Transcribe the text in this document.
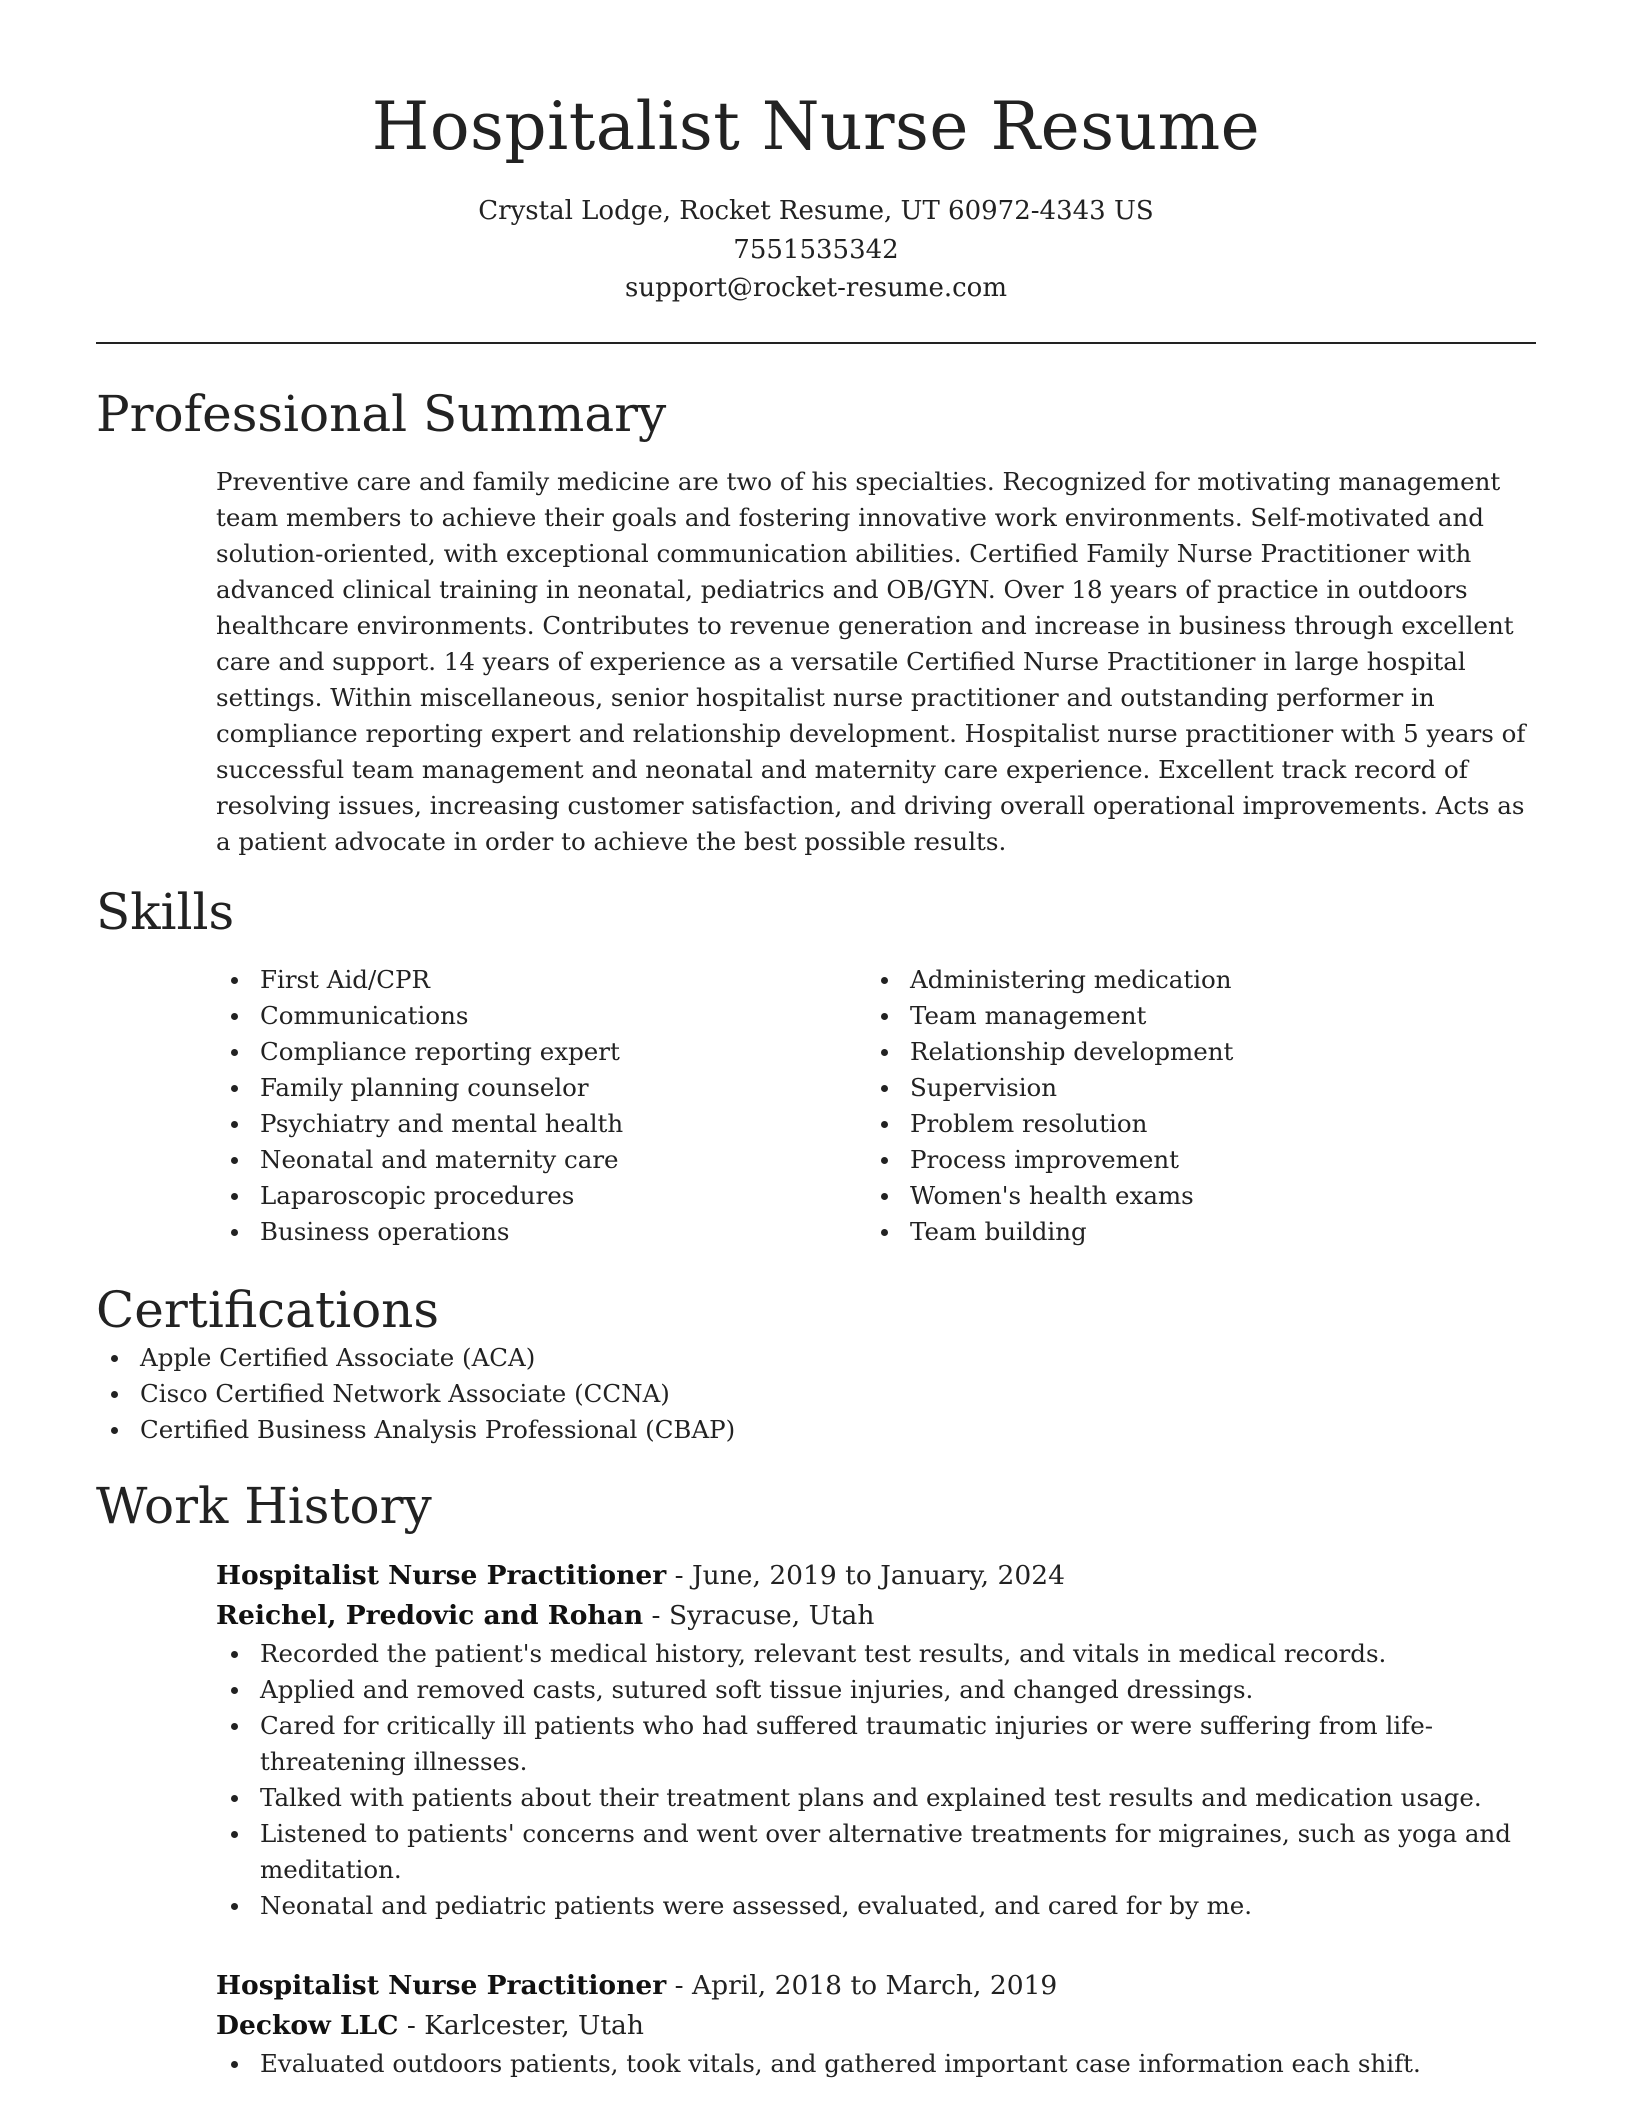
Hospitalist Nurse Resume
Crystal Lodge, Rocket Resume, UT 60972-4343 US
7551535342
support@rocket-resume.com
Professional Summary

Preventive care and family medicine are two of his specialties. Recognized for motivating management team members to achieve their goals and fostering innovative work environments. Self-motivated and solution-oriented, with exceptional communication abilities. Certified Family Nurse Practitioner with advanced clinical training in neonatal, pediatrics and OB/GYN. Over 18 years of practice in outdoors healthcare environments. Contributes to revenue generation and increase in business through excellent care and support. 14 years of experience as a versatile Certified Nurse Practitioner in large hospital settings. Within miscellaneous, senior hospitalist nurse practitioner and outstanding performer in compliance reporting expert and relationship development. Hospitalist nurse practitioner with 5 years of successful team management and neonatal and maternity care experience. Excellent track record of resolving issues, increasing customer satisfaction, and driving overall operational improvements. Acts as a patient advocate in order to achieve the best possible results.

Skills
First Aid/CPR
Communications
Compliance reporting expert
Family planning counselor
Psychiatry and mental health
Neonatal and maternity care
Laparoscopic procedures
Business operations
Administering medication
Team management
Relationship development
Supervision
Problem resolution
Process improvement
Women's health exams
Team building
Certifications
Apple Certified Associate (ACA)
Cisco Certified Network Associate (CCNA)
Certified Business Analysis Professional (CBAP)
Work History
Hospitalist Nurse Practitioner - June, 2019 to January, 2024
Reichel, Predovic and Rohan - Syracuse, Utah
Recorded the patient's medical history, relevant test results, and vitals in medical records.
Applied and removed casts, sutured soft tissue injuries, and changed dressings.
Cared for critically ill patients who had suffered traumatic injuries or were suffering from life-threatening illnesses.
Talked with patients about their treatment plans and explained test results and medication usage.
Listened to patients' concerns and went over alternative treatments for migraines, such as yoga and meditation.
Neonatal and pediatric patients were assessed, evaluated, and cared for by me.
Hospitalist Nurse Practitioner - April, 2018 to March, 2019
Deckow LLC - Karlcester, Utah
Evaluated outdoors patients, took vitals, and gathered important case information each shift.
